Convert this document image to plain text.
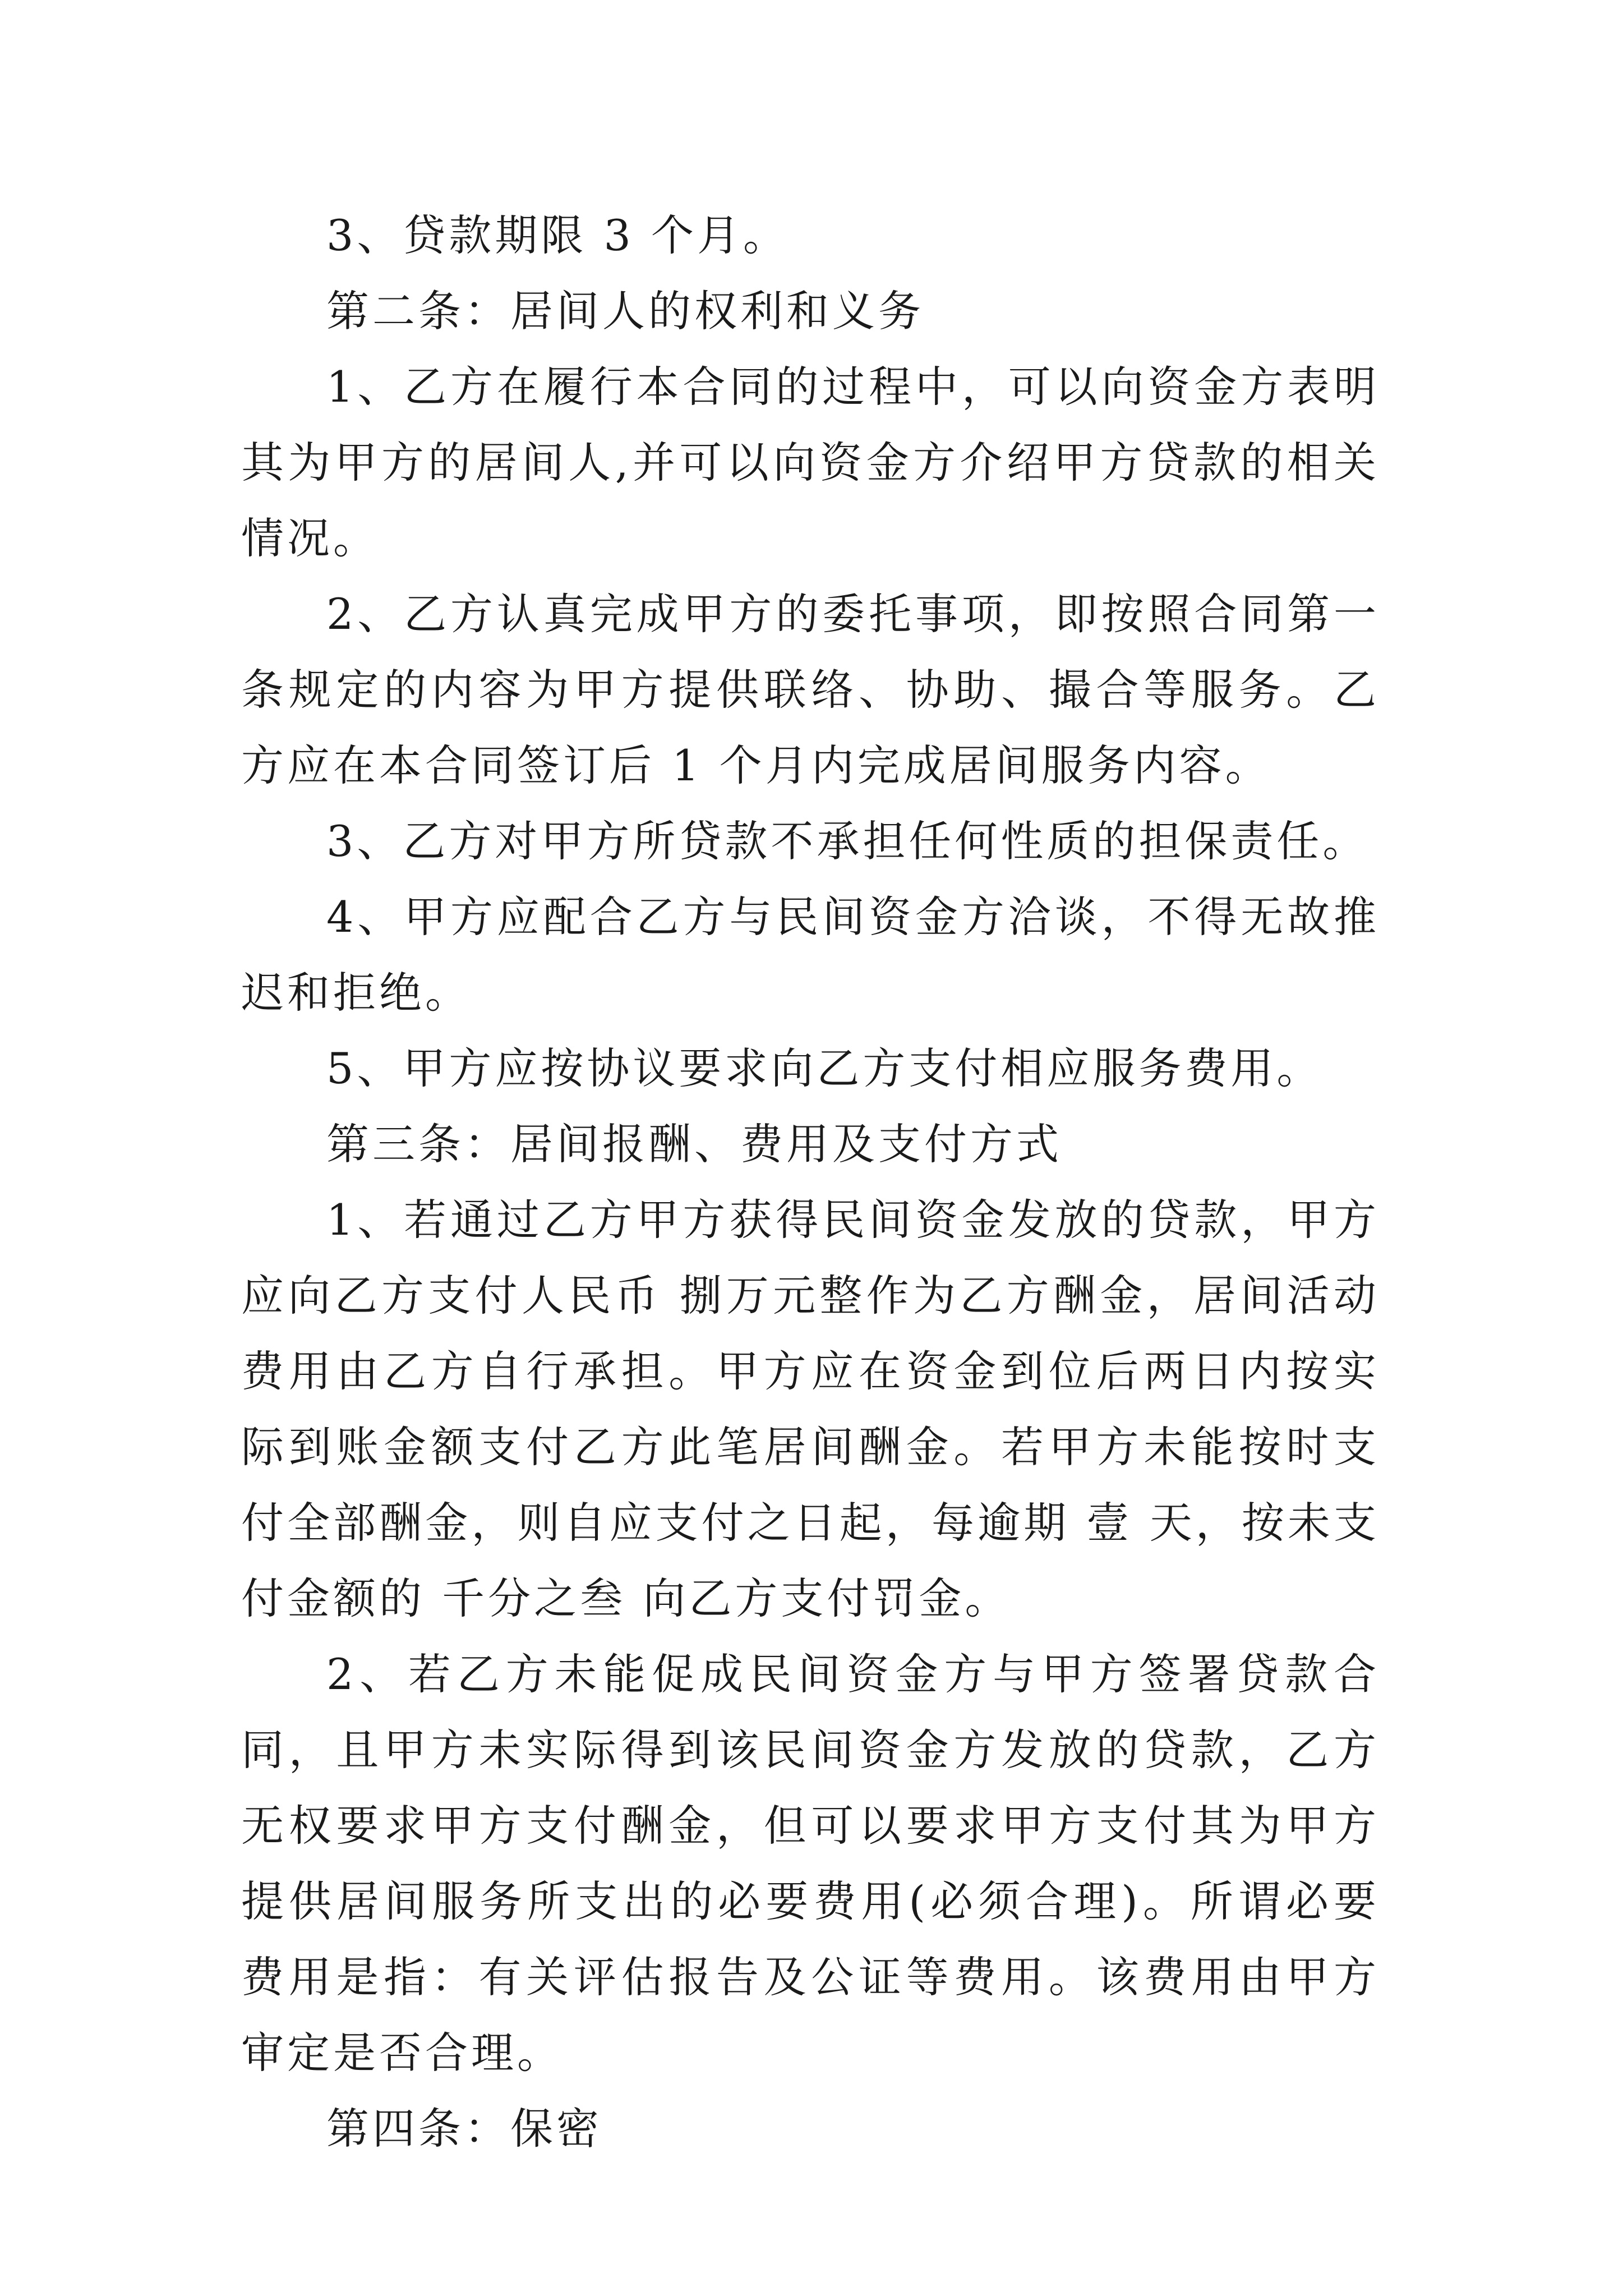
3、贷款期限 3 个月。

第二条：居间人的权利和义务

1、乙方在履行本合同的过程中，可以向资金方表明其为甲方的居间人,并可以向资金方介绍甲方贷款的相关情况。

2、乙方认真完成甲方的委托事项，即按照合同第一条规定的内容为甲方提供联络、协助、撮合等服务。乙方应在本合同签订后 1 个月内完成居间服务内容。

3、乙方对甲方所贷款不承担任何性质的担保责任。

4、甲方应配合乙方与民间资金方洽谈，不得无故推迟和拒绝。

5、甲方应按协议要求向乙方支付相应服务费用。

第三条：居间报酬、费用及支付方式

1、若通过乙方甲方获得民间资金发放的贷款，甲方应向乙方支付人民币 捌万元整作为乙方酬金，居间活动费用由乙方自行承担。甲方应在资金到位后两日内按实际到账金额支付乙方此笔居间酬金。若甲方未能按时支付全部酬金，则自应支付之日起，每逾期 壹 天，按未支付金额的 千分之叁 向乙方支付罚金。

2、若乙方未能促成民间资金方与甲方签署贷款合同，且甲方未实际得到该民间资金方发放的贷款，乙方无权要求甲方支付酬金，但可以要求甲方支付其为甲方提供居间服务所支出的必要费用(必须合理)。所谓必要费用是指：有关评估报告及公证等费用。该费用由甲方审定是否合理。

第四条：保密
